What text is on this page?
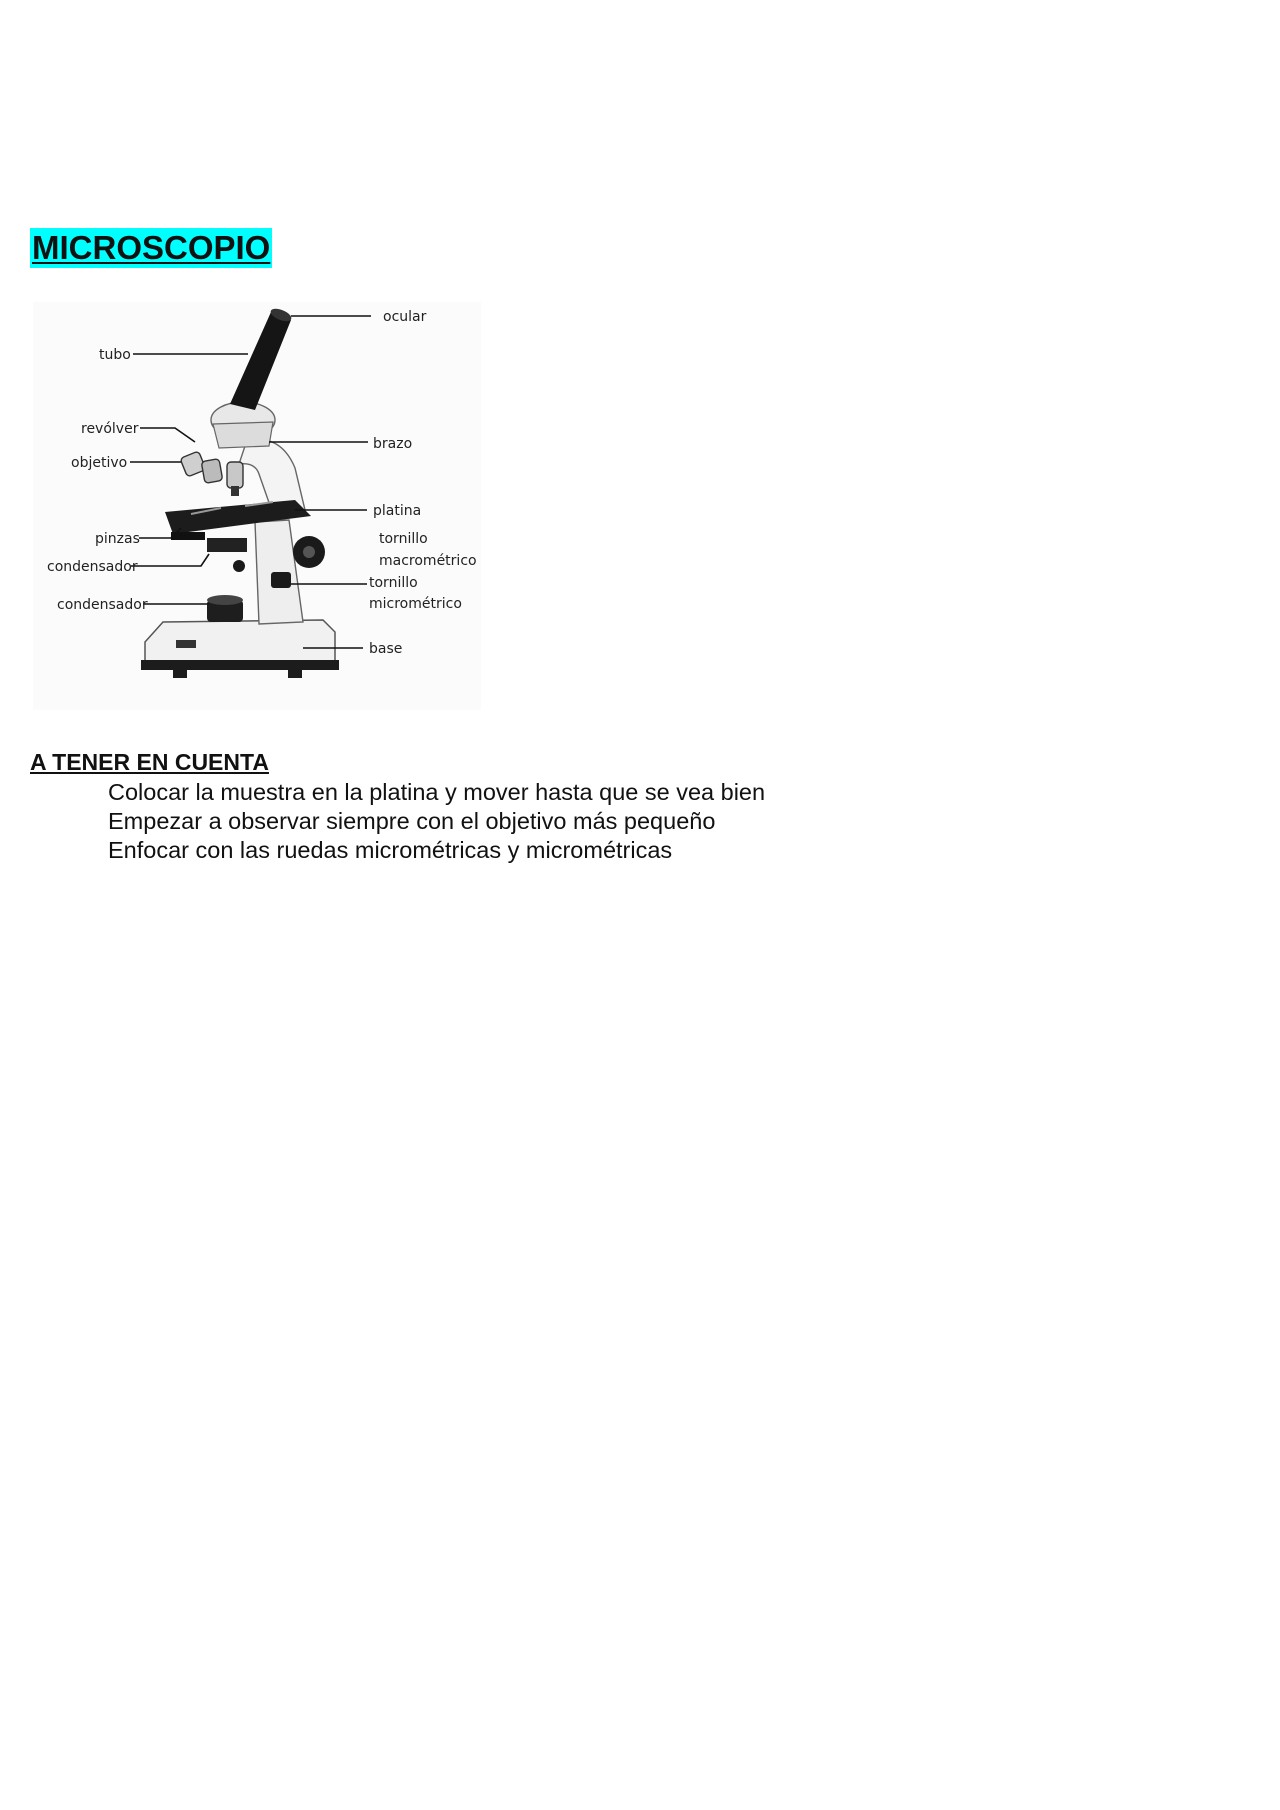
MICROSCOPIO
ocular
tubo
revólver
brazo
objetivo
platina
pinzas	tornillo
macrométrico
condensador
tornillo
micrométrico
condensador
base
A TENER EN CUENTA
Colocar la muestra en la platina y mover hasta que se vea bien
Empezar a observar siempre con el objetivo más pequeño
Enfocar con las ruedas micrométricas y micrométricas
